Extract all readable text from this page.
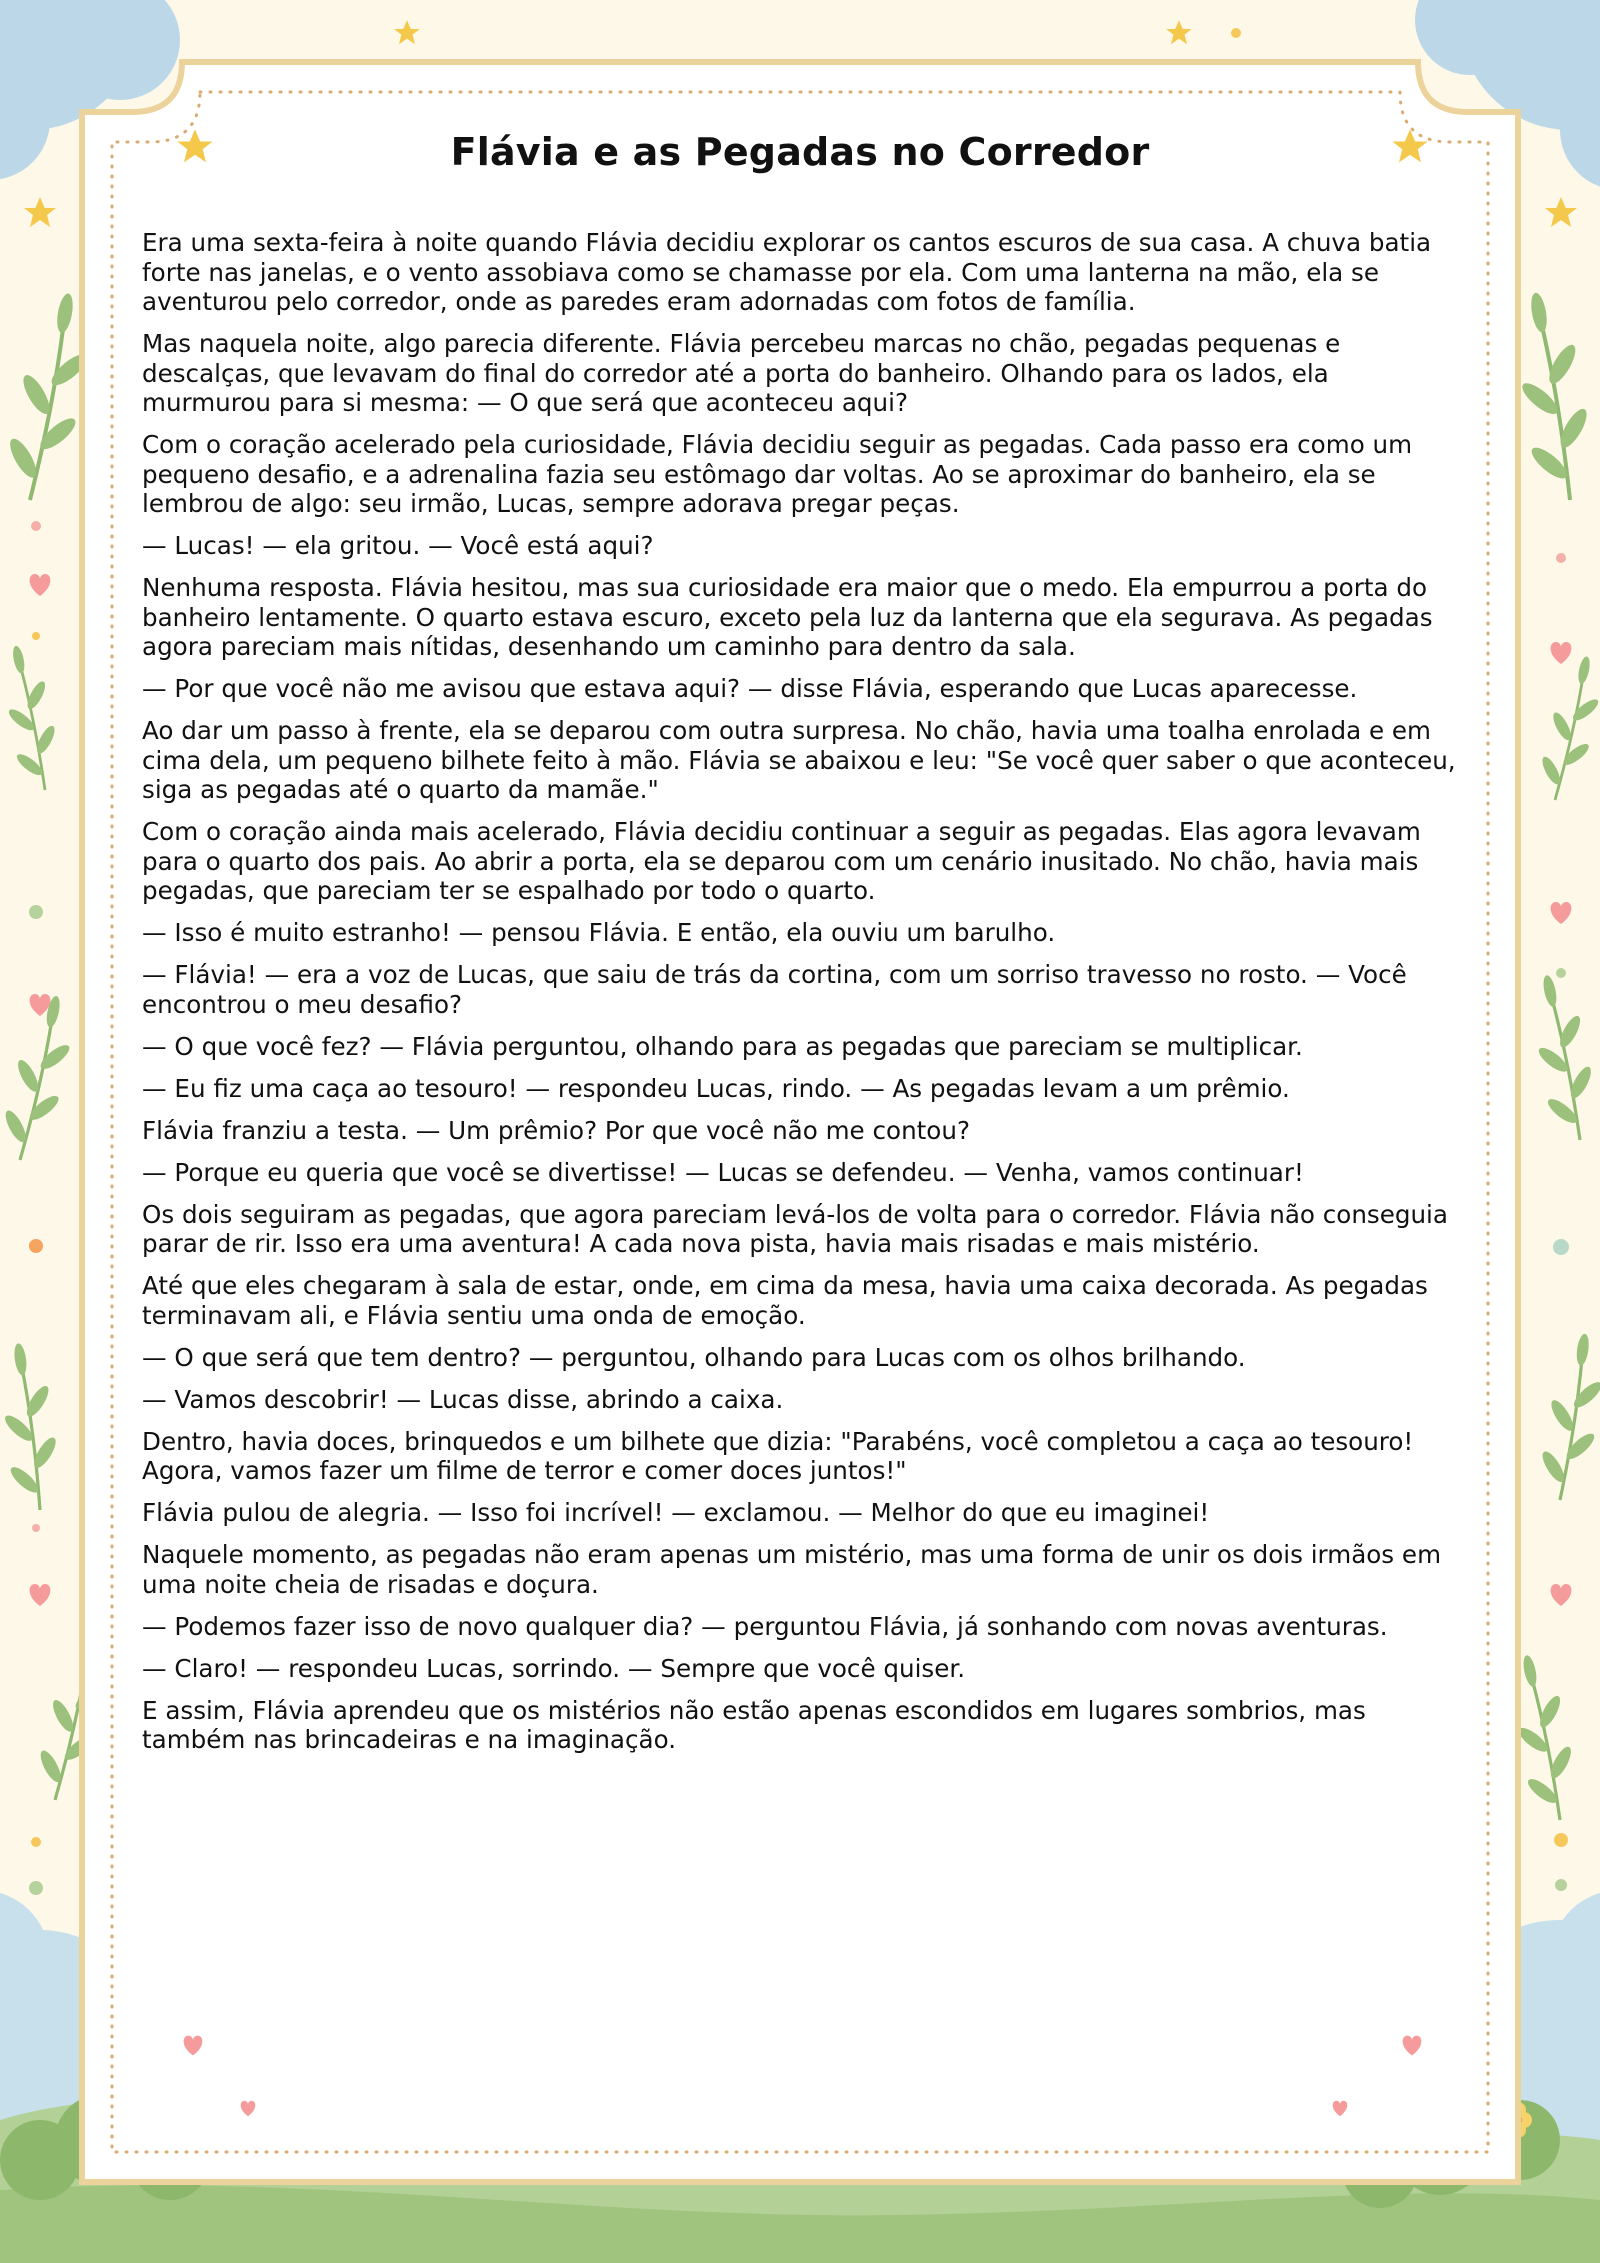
Flávia e as Pegadas no Corredor

Era uma sexta-feira à noite quando Flávia decidiu explorar os cantos escuros de sua casa. A chuva batia forte nas janelas, e o vento assobiava como se chamasse por ela. Com uma lanterna na mão, ela se aventurou pelo corredor, onde as paredes eram adornadas com fotos de família.

Mas naquela noite, algo parecia diferente. Flávia percebeu marcas no chão, pegadas pequenas e descalças, que levavam do final do corredor até a porta do banheiro. Olhando para os lados, ela murmurou para si mesma: — O que será que aconteceu aqui?

Com o coração acelerado pela curiosidade, Flávia decidiu seguir as pegadas. Cada passo era como um pequeno desafio, e a adrenalina fazia seu estômago dar voltas. Ao se aproximar do banheiro, ela se lembrou de algo: seu irmão, Lucas, sempre adorava pregar peças.

— Lucas! — ela gritou. — Você está aqui?

Nenhuma resposta. Flávia hesitou, mas sua curiosidade era maior que o medo. Ela empurrou a porta do banheiro lentamente. O quarto estava escuro, exceto pela luz da lanterna que ela segurava. As pegadas agora pareciam mais nítidas, desenhando um caminho para dentro da sala.

— Por que você não me avisou que estava aqui? — disse Flávia, esperando que Lucas aparecesse.

Ao dar um passo à frente, ela se deparou com outra surpresa. No chão, havia uma toalha enrolada e em cima dela, um pequeno bilhete feito à mão. Flávia se abaixou e leu: "Se você quer saber o que aconteceu, siga as pegadas até o quarto da mamãe."

Com o coração ainda mais acelerado, Flávia decidiu continuar a seguir as pegadas. Elas agora levavam para o quarto dos pais. Ao abrir a porta, ela se deparou com um cenário inusitado. No chão, havia mais pegadas, que pareciam ter se espalhado por todo o quarto.

— Isso é muito estranho! — pensou Flávia. E então, ela ouviu um barulho.

— Flávia! — era a voz de Lucas, que saiu de trás da cortina, com um sorriso travesso no rosto. — Você encontrou o meu desafio?

— O que você fez? — Flávia perguntou, olhando para as pegadas que pareciam se multiplicar.

— Eu fiz uma caça ao tesouro! — respondeu Lucas, rindo. — As pegadas levam a um prêmio.

Flávia franziu a testa. — Um prêmio? Por que você não me contou?

— Porque eu queria que você se divertisse! — Lucas se defendeu. — Venha, vamos continuar!

Os dois seguiram as pegadas, que agora pareciam levá-los de volta para o corredor. Flávia não conseguia parar de rir. Isso era uma aventura! A cada nova pista, havia mais risadas e mais mistério.

Até que eles chegaram à sala de estar, onde, em cima da mesa, havia uma caixa decorada. As pegadas terminavam ali, e Flávia sentiu uma onda de emoção.

— O que será que tem dentro? — perguntou, olhando para Lucas com os olhos brilhando.

— Vamos descobrir! — Lucas disse, abrindo a caixa.

Dentro, havia doces, brinquedos e um bilhete que dizia: "Parabéns, você completou a caça ao tesouro! Agora, vamos fazer um filme de terror e comer doces juntos!"

Flávia pulou de alegria. — Isso foi incrível! — exclamou. — Melhor do que eu imaginei!

Naquele momento, as pegadas não eram apenas um mistério, mas uma forma de unir os dois irmãos em uma noite cheia de risadas e doçura.

— Podemos fazer isso de novo qualquer dia? — perguntou Flávia, já sonhando com novas aventuras.

— Claro! — respondeu Lucas, sorrindo. — Sempre que você quiser.

E assim, Flávia aprendeu que os mistérios não estão apenas escondidos em lugares sombrios, mas também nas brincadeiras e na imaginação.
